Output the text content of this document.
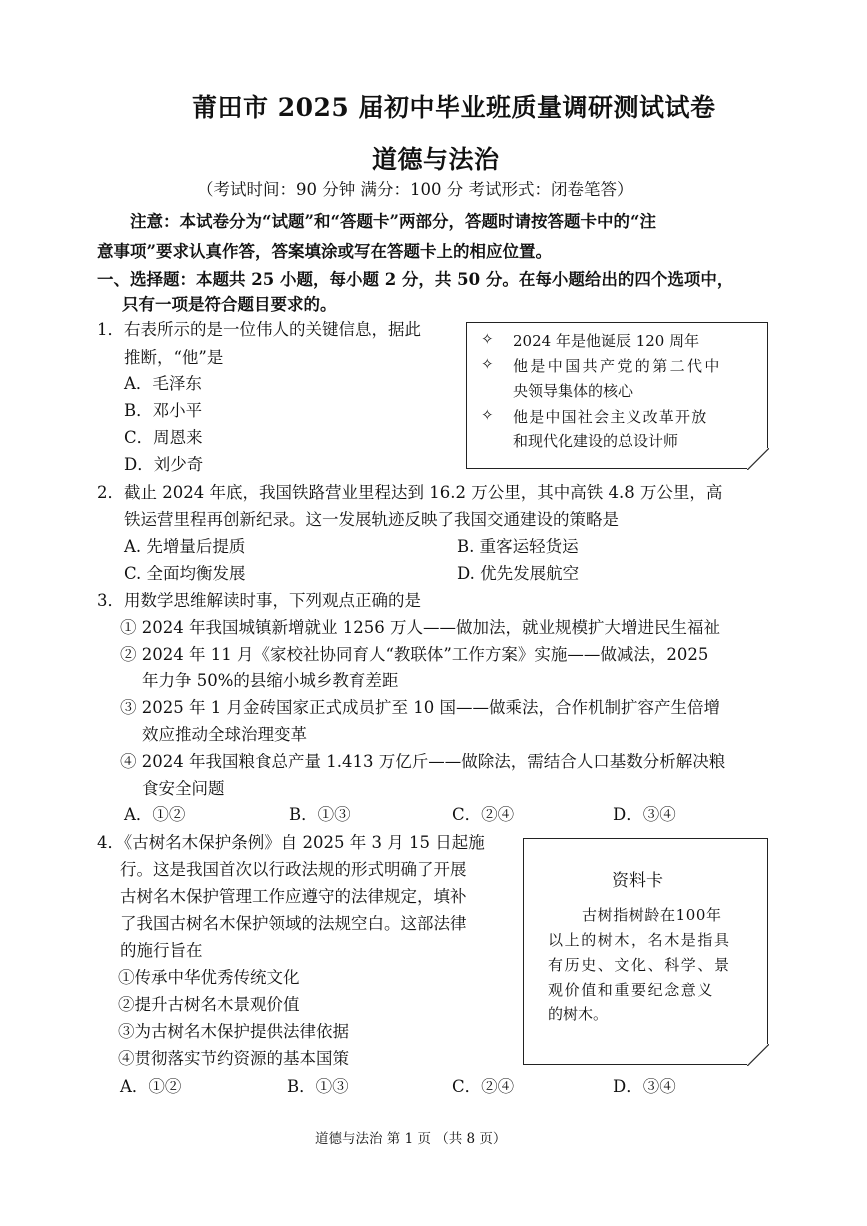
莆田市 2025 届初中毕业班质量调研测试试卷
道德与法治
（考试时间：90 分钟 满分：100 分 考试形式：闭卷笔答）
注意：本试卷分为“试题”和“答题卡”两部分，答题时请按答题卡中的“注
意事项”要求认真作答，答案填涂或写在答题卡上的相应位置。
一、选择题：本题共 25 小题，每小题 2 分，共 50 分。在每小题给出的四个选项中，
只有一项是符合题目要求的。
1．右表所示的是一位伟人的关键信息，据此
推断，“他”是
A．毛泽东
B．邓小平
C．周恩来
D．刘少奇
✧ 2024 年是他诞辰 120 周年
✧ 他是中国共产党的第二代中
央领导集体的核心
✧ 他是中国社会主义改革开放
和现代化建设的总设计师
2．截止 2024 年底，我国铁路营业里程达到 16.2 万公里，其中高铁 4.8 万公里，高
铁运营里程再创新纪录。这一发展轨迹反映了我国交通建设的策略是
A. 先增量后提质	B. 重客运轻货运
C. 全面均衡发展	D. 优先发展航空
3．用数学思维解读时事，下列观点正确的是
① 2024 年我国城镇新增就业 1256 万人——做加法，就业规模扩大增进民生福祉
② 2024 年 11 月《家校社协同育人“教联体”工作方案》实施——做减法，2025
年力争 50%的县缩小城乡教育差距
③ 2025 年 1 月金砖国家正式成员扩至 10 国——做乘法，合作机制扩容产生倍增
效应推动全球治理变革
④ 2024 年我国粮食总产量 1.413 万亿斤——做除法，需结合人口基数分析解决粮
食安全问题
A．①②	B．①③	C．②④	D．③④
4．《古树名木保护条例》自 2025 年 3 月 15 日起施
行。这是我国首次以行政法规的形式明确了开展
古树名木保护管理工作应遵守的法律规定，填补
了我国古树名木保护领域的法规空白。这部法律
的施行旨在
①传承中华优秀传统文化
②提升古树名木景观价值
③为古树名木保护提供法律依据
④贯彻落实节约资源的基本国策
A．①②	B．①③	C．②④	D．③④
资料卡
古树指树龄在100年
以上的树木，名木是指具
有历史、文化、科学、景
观价值和重要纪念意义
的树木。
道德与法治 第 1 页 （共 8 页）
